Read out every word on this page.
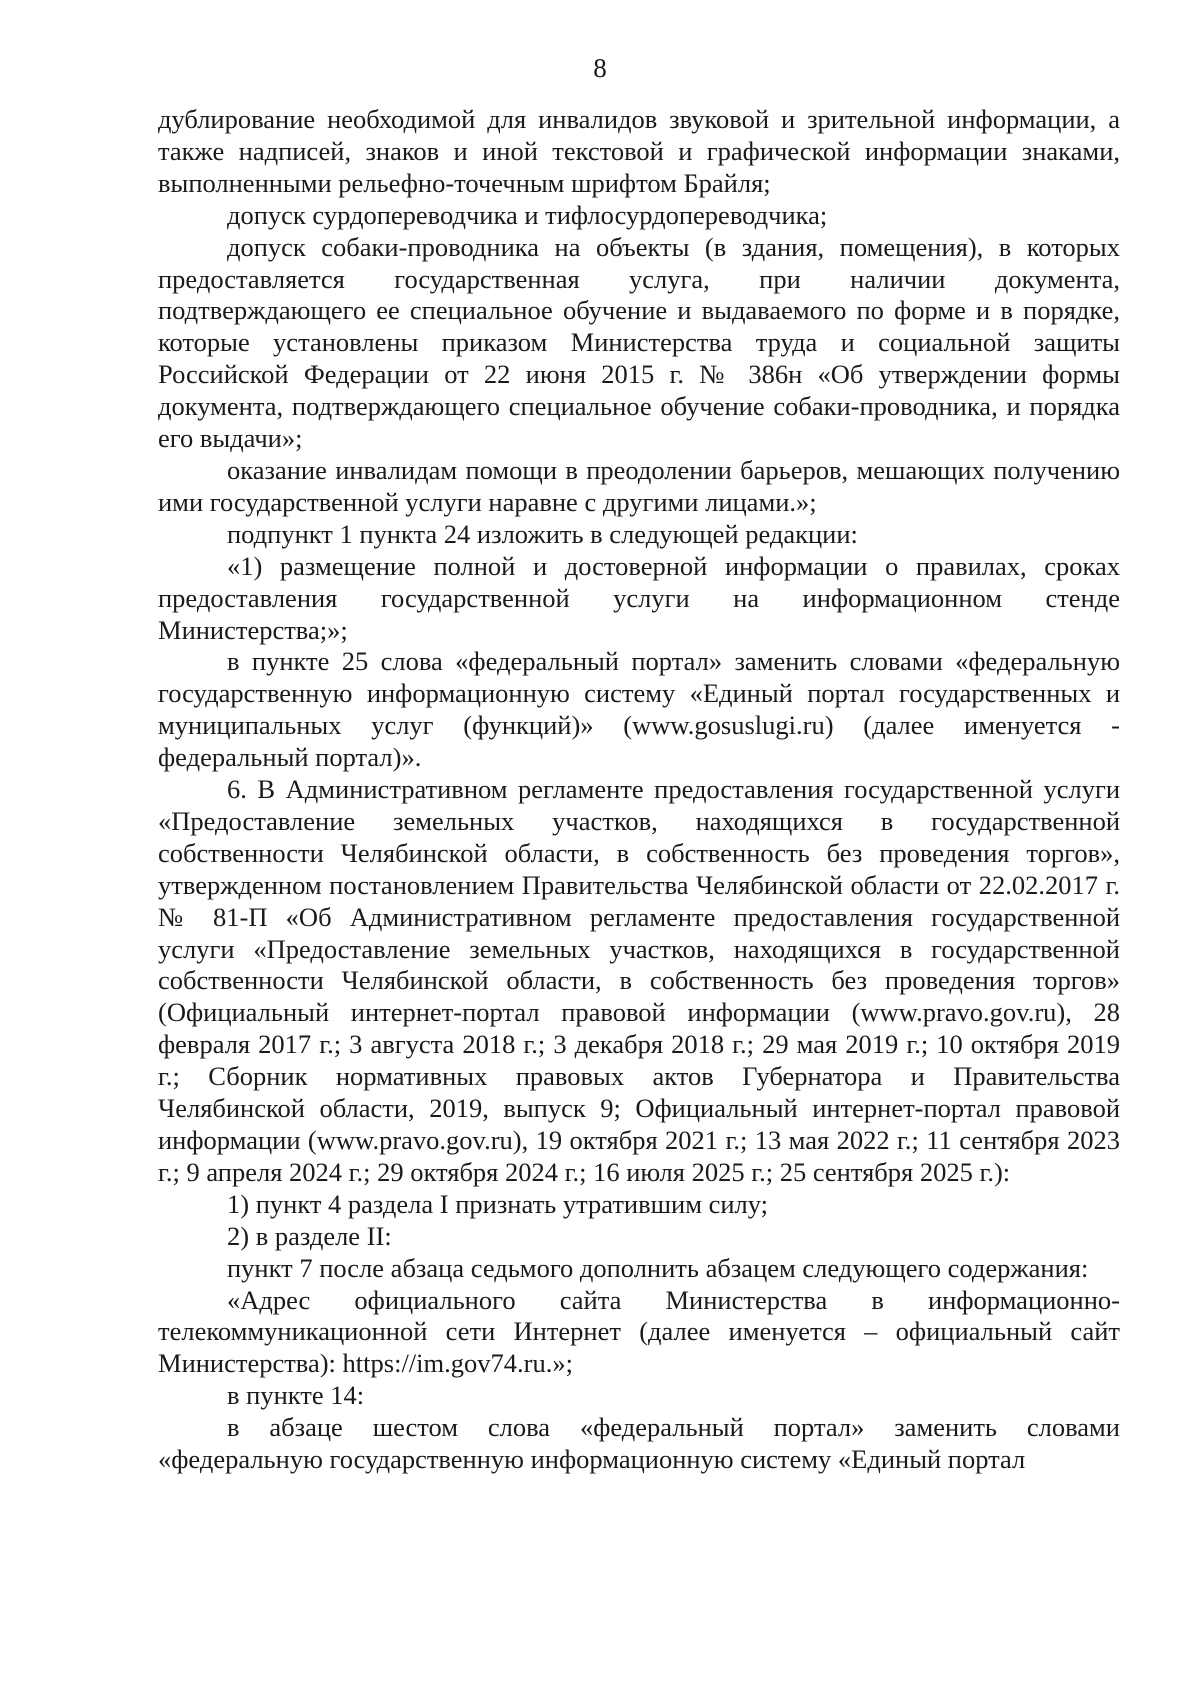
8

дублирование необходимой для инвалидов звуковой и зрительной информации, а также надписей, знаков и иной текстовой и графической информации знаками, выполненными рельефно-точечным шрифтом Брайля;

допуск сурдопереводчика и тифлосурдопереводчика;

допуск собаки-проводника на объекты (в здания, помещения), в которых предоставляется государственная услуга, при наличии документа, подтверждающего ее специальное обучение и выдаваемого по форме и в порядке, которые установлены приказом Министерства труда и социальной защиты Российской Федерации от 22 июня 2015 г. № 386н «Об утверждении формы документа, подтверждающего специальное обучение собаки-проводника, и порядка его выдачи»;

оказание инвалидам помощи в преодолении барьеров, мешающих получению ими государственной услуги наравне с другими лицами.»;

подпункт 1 пункта 24 изложить в следующей редакции:

«1) размещение полной и достоверной информации о правилах, сроках предоставления государственной услуги на информационном стенде Министерства;»;

в пункте 25 слова «федеральный портал» заменить словами «федеральную государственную информационную систему «Единый портал государственных и муниципальных услуг (функций)» (www.gosuslugi.ru) (далее именуется - федеральный портал)».

6. В Административном регламенте предоставления государственной услуги «Предоставление земельных участков, находящихся в государственной собственности Челябинской области, в собственность без проведения торгов», утвержденном постановлением Правительства Челябинской области от 22.02.2017 г. № 81-П «Об Административном регламенте предоставления государственной услуги «Предоставление земельных участков, находящихся в государственной собственности Челябинской области, в собственность без проведения торгов» (Официальный интернет-портал правовой информации (www.pravo.gov.ru), 28 февраля 2017 г.; 3 августа 2018 г.; 3 декабря 2018 г.; 29 мая 2019 г.; 10 октября 2019 г.; Сборник нормативных правовых актов Губернатора и Правительства Челябинской области, 2019, выпуск 9; Официальный интернет-портал правовой информации (www.pravo.gov.ru), 19 октября 2021 г.; 13 мая 2022 г.; 11 сентября 2023 г.; 9 апреля 2024 г.; 29 октября 2024 г.; 16 июля 2025 г.; 25 сентября 2025 г.):

1) пункт 4 раздела I признать утратившим силу;

2) в разделе II:

пункт 7 после абзаца седьмого дополнить абзацем следующего содержания:

«Адрес официального сайта Министерства в информационно-телекоммуникационной сети Интернет (далее именуется – официальный сайт Министерства): https://im.gov74.ru.»;

в пункте 14:

в абзаце шестом слова «федеральный портал» заменить словами «федеральную государственную информационную систему «Единый портал
